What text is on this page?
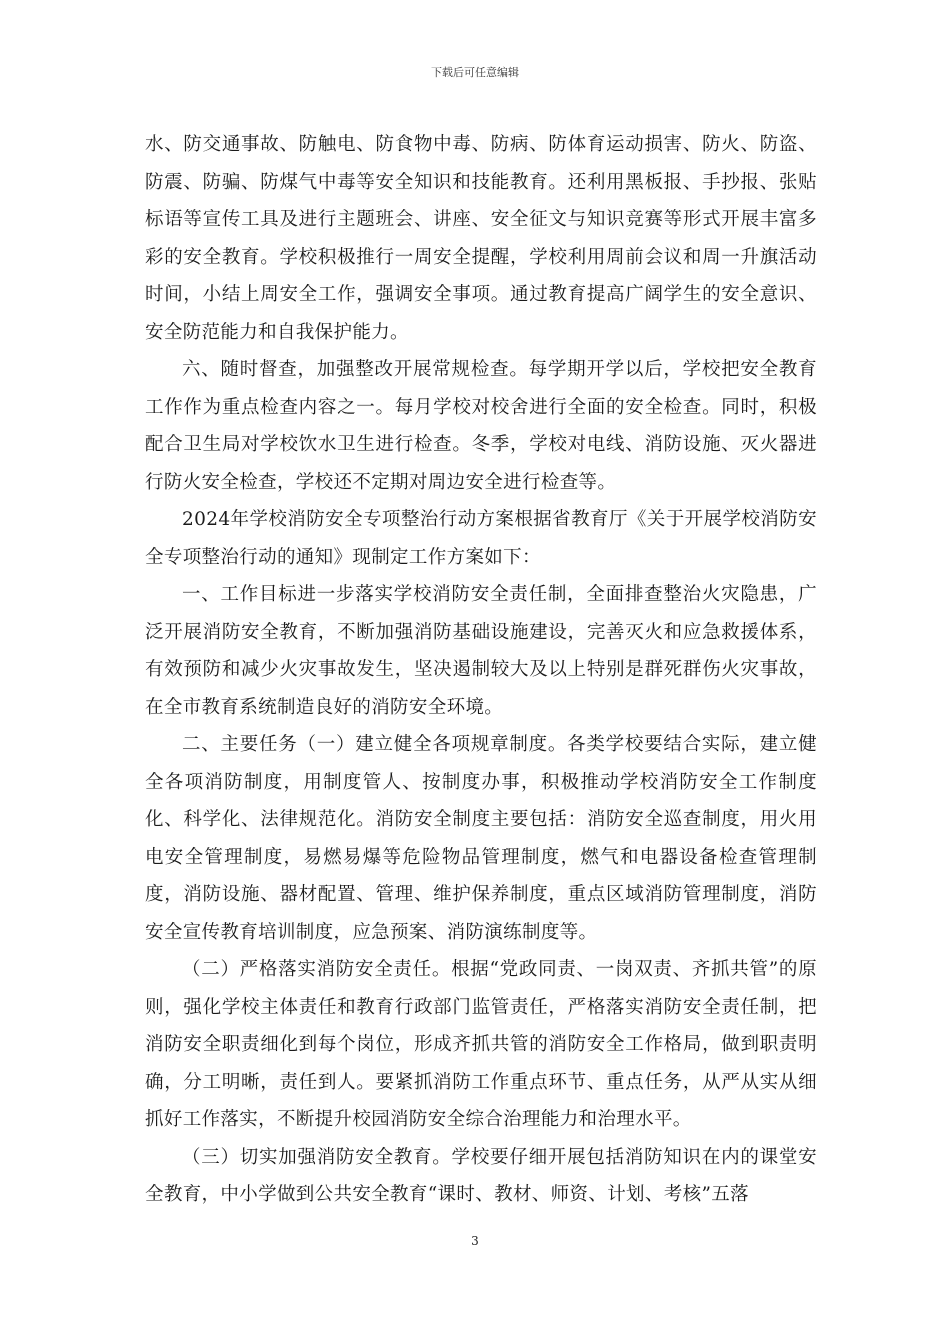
下载后可任意编辑

水、防交通事故、防触电、防食物中毒、防病、防体育运动损害、防火、防盗、防震、防骗、防煤气中毒等安全知识和技能教育。还利用黑板报、手抄报、张贴标语等宣传工具及进行主题班会、讲座、安全征文与知识竞赛等形式开展丰富多彩的安全教育。学校积极推行一周安全提醒，学校利用周前会议和周一升旗活动时间，小结上周安全工作，强调安全事项。通过教育提高广阔学生的安全意识、安全防范能力和自我保护能力。

六、随时督查，加强整改开展常规检查。每学期开学以后，学校把安全教育工作作为重点检查内容之一。每月学校对校舍进行全面的安全检查。同时，积极配合卫生局对学校饮水卫生进行检查。冬季，学校对电线、消防设施、灭火器进行防火安全检查，学校还不定期对周边安全进行检查等。

2024年学校消防安全专项整治行动方案根据省教育厅《关于开展学校消防安全专项整治行动的通知》现制定工作方案如下：

一、工作目标进一步落实学校消防安全责任制，全面排查整治火灾隐患，广泛开展消防安全教育，不断加强消防基础设施建设，完善灭火和应急救援体系，有效预防和减少火灾事故发生，坚决遏制较大及以上特别是群死群伤火灾事故，在全市教育系统制造良好的消防安全环境。

二、主要任务（一）建立健全各项规章制度。各类学校要结合实际，建立健全各项消防制度，用制度管人、按制度办事，积极推动学校消防安全工作制度化、科学化、法律规范化。消防安全制度主要包括：消防安全巡查制度，用火用电安全管理制度，易燃易爆等危险物品管理制度，燃气和电器设备检查管理制度，消防设施、器材配置、管理、维护保养制度，重点区域消防管理制度，消防安全宣传教育培训制度，应急预案、消防演练制度等。

（二）严格落实消防安全责任。根据“党政同责、一岗双责、齐抓共管”的原则，强化学校主体责任和教育行政部门监管责任，严格落实消防安全责任制，把消防安全职责细化到每个岗位，形成齐抓共管的消防安全工作格局，做到职责明确，分工明晰，责任到人。要紧抓消防工作重点环节、重点任务，从严从实从细抓好工作落实，不断提升校园消防安全综合治理能力和治理水平。

（三）切实加强消防安全教育。学校要仔细开展包括消防知识在内的课堂安全教育，中小学做到公共安全教育“课时、教材、师资、计划、考核”五落

3
